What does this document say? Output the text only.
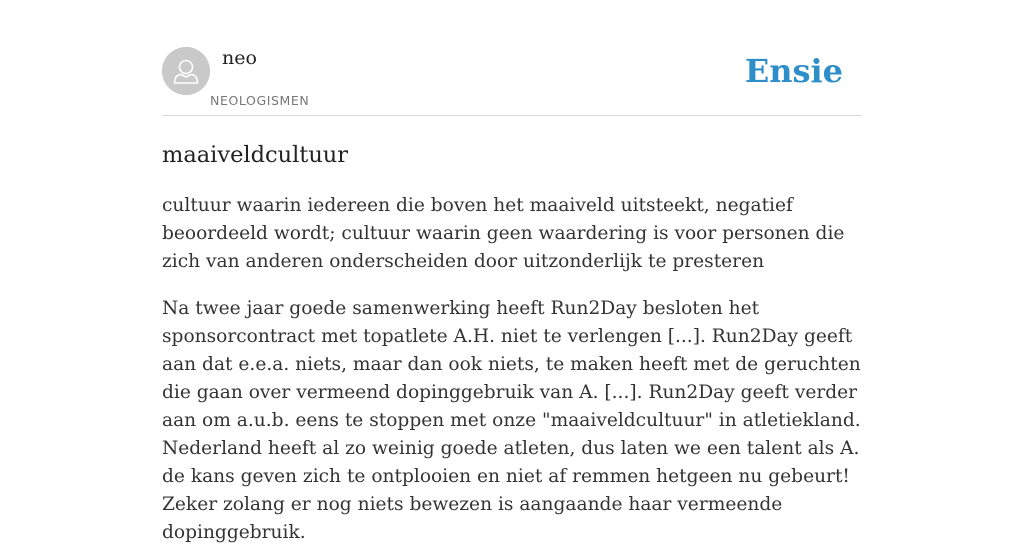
neo
NEOLOGISMEN
Ensie
maaiveldcultuur

cultuur waarin iedereen die boven het maaiveld uitsteekt, negatief beoordeeld wordt; cultuur waarin geen waardering is voor personen die zich van anderen onderscheiden door uitzonderlijk te presteren

Na twee jaar goede samenwerking heeft Run2Day besloten het sponsorcontract met topatlete A.H. niet te verlengen [...]. Run2Day geeft aan dat e.e.a. niets, maar dan ook niets, te maken heeft met de geruchten die gaan over vermeend dopinggebruik van A. [...]. Run2Day geeft verder aan om a.u.b. eens te stoppen met onze "maaiveldcultuur" in atletiekland. Nederland heeft al zo weinig goede atleten, dus laten we een talent als A. de kans geven zich te ontplooien en niet af remmen hetgeen nu gebeurt! Zeker zolang er nog niets bewezen is aangaande haar vermeende dopinggebruik.
